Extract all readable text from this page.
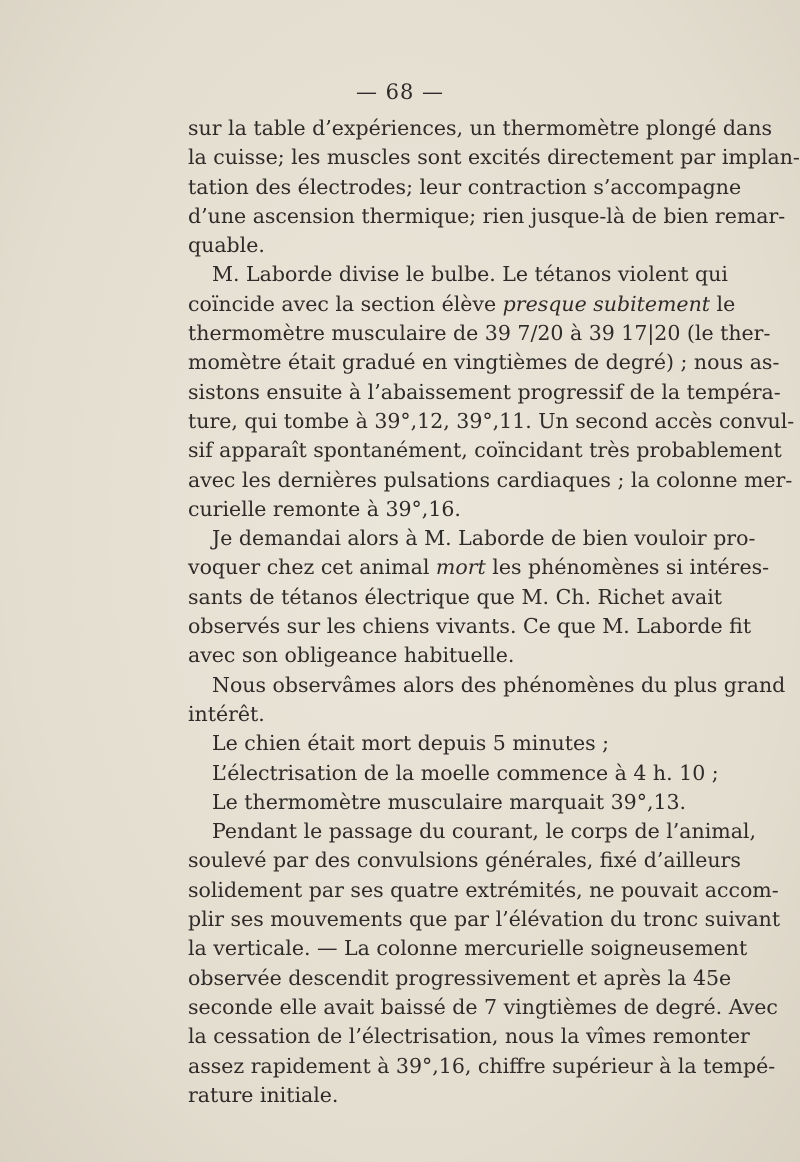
— 68 —
sur la table d’expériences, un thermomètre plongé dans
la cuisse; les muscles sont excités directement par implan-
tation des électrodes; leur contraction s’accompagne
d’une ascension thermique; rien jusque-là de bien remar-
quable.
M. Laborde divise le bulbe. Le tétanos violent qui
coïncide avec la section élève presque subitement le
thermomètre musculaire de 39 7/20 à 39 17|20 (le ther-
momètre était gradué en vingtièmes de degré) ; nous as-
sistons ensuite à l’abaissement progressif de la tempéra-
ture, qui tombe à 39°,12, 39°,11. Un second accès convul-
sif apparaît spontanément, coïncidant très probablement
avec les dernières pulsations cardiaques ; la colonne mer-
curielle remonte à 39°,16.
Je demandai alors à M. Laborde de bien vouloir pro-
voquer chez cet animal mort les phénomènes si intéres-
sants de tétanos électrique que M. Ch. Richet avait
observés sur les chiens vivants. Ce que M. Laborde fit
avec son obligeance habituelle.
Nous observâmes alors des phénomènes du plus grand
intérêt.
Le chien était mort depuis 5 minutes ;
L’électrisation de la moelle commence à 4 h. 10 ;
Le thermomètre musculaire marquait 39°,13.
Pendant le passage du courant, le corps de l’animal,
soulevé par des convulsions générales, fixé d’ailleurs
solidement par ses quatre extrémités, ne pouvait accom-
plir ses mouvements que par l’élévation du tronc suivant
la verticale. — La colonne mercurielle soigneusement
observée descendit progressivement et après la 45e
seconde elle avait baissé de 7 vingtièmes de degré. Avec
la cessation de l’électrisation, nous la vîmes remonter
assez rapidement à 39°,16, chiffre supérieur à la tempé-
rature initiale.
